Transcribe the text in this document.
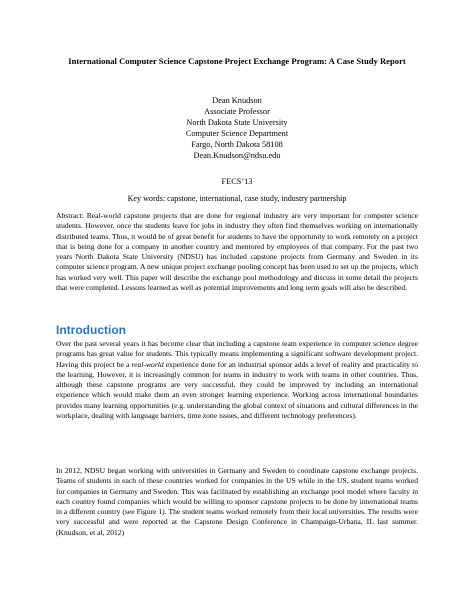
International Computer Science Capstone Project Exchange Program: A Case Study Report
Dean Knudson
Associate Professor
North Dakota State University
Computer Science Department
Fargo, North Dakota 58108
Dean.Knudson@ndsu.edu
FECS’13
Key words: capstone, international, case study, industry partnership

Abstract: Real-world capstone projects that are done for regional industry are very important for computer science students. However, once the students leave for jobs in industry they often find themselves working on internationally distributed teams. Thus, it would be of great benefit for students to have the opportunity to work remotely on a project that is being done for a company in another country and mentored by employees of that company. For the past two years North Dakota State University (NDSU) has included capstone projects from Germany and Sweden in its computer science program. A new unique project exchange pooling concept has been used to set up the projects, which has worked very well. This paper will describe the exchange pool methodology and discuss in some detail the projects that were completed. Lessons learned as well as potential improvements and long term goals will also be described.

Introduction

Over the past several years it has become clear that including a capstone team experience in computer science degree programs has great value for students. This typically means implementing a significant software development project. Having this project be a real-world experience done for an industrial sponsor adds a level of reality and practicality to the learning. However, it is increasingly common for teams in industry to work with teams in other countries. Thus, although these capstone programs are very successful, they could be improved by including an international experience which would make them an even stronger learning experience. Working across international boundaries provides many learning opportunities (e.g. understanding the global context of situations and cultural differences in the workplace, dealing with language barriers, time zone issues, and different technology preferences).

In 2012, NDSU began working with universities in Germany and Sweden to coordinate capstone exchange projects. Teams of students in each of these countries worked for companies in the US while in the US, student teams worked for companies in Germany and Sweden. This was facilitated by establishing an exchange pool model where faculty in each country found companies which would be willing to sponsor capstone projects to be done by international teams in a different country (see Figure 1). The student teams worked remotely from their local universities. The results were very successful and were reported at the Capstone Design Conference in Champaign-Urbana, IL last summer. (Knudson, et al, 2012)
